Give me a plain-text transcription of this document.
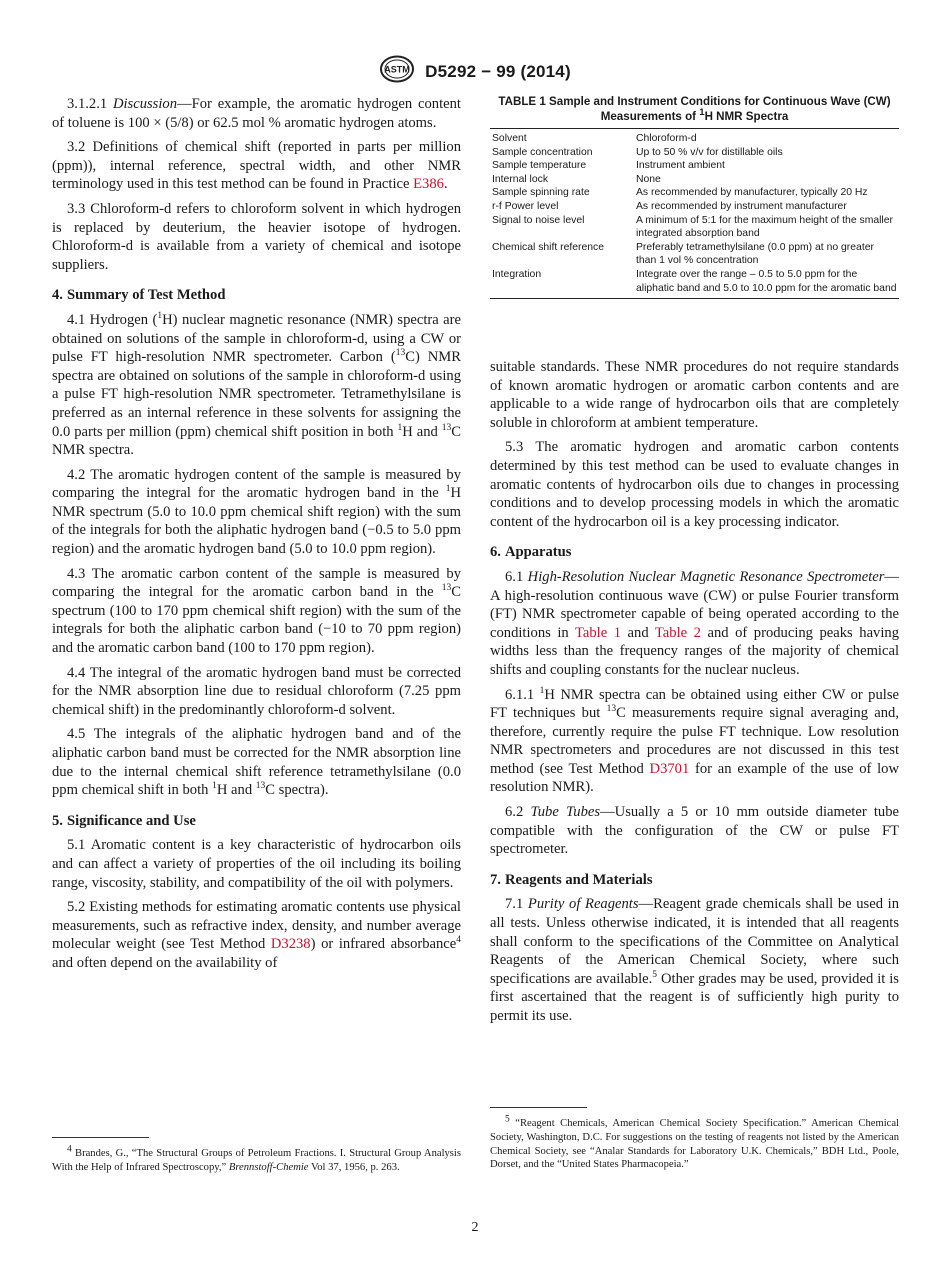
ASTM D5292 − 99 (2014)

3.1.2.1 Discussion—For example, the aromatic hydrogen content of toluene is 100 × (5/8) or 62.5 mol % aromatic hydrogen atoms.

3.2 Definitions of chemical shift (reported in parts per million (ppm)), internal reference, spectral width, and other NMR terminology used in this test method can be found in Practice E386.

3.3 Chloroform-d refers to chloroform solvent in which hydrogen is replaced by deuterium, the heavier isotope of hydrogen. Chloroform-d is available from a variety of chemical and isotope suppliers.

4. Summary of Test Method

4.1 Hydrogen ($^1$H) nuclear magnetic resonance (NMR) spectra are obtained on solutions of the sample in chloroform-d, using a CW or pulse FT high-resolution NMR spectrometer. Carbon ($^{13}$C) NMR spectra are obtained on solutions of the sample in chloroform-d using a pulse FT high-resolution NMR spectrometer. Tetramethylsilane is preferred as an internal reference in these solvents for assigning the 0.0 parts per million (ppm) chemical shift position in both $^1$H and $^{13}$C NMR spectra.

4.2 The aromatic hydrogen content of the sample is measured by comparing the integral for the aromatic hydrogen band in the $^1$H NMR spectrum (5.0 to 10.0 ppm chemical shift region) with the sum of the integrals for both the aliphatic hydrogen band (−0.5 to 5.0 ppm region) and the aromatic hydrogen band (5.0 to 10.0 ppm region).

4.3 The aromatic carbon content of the sample is measured by comparing the integral for the aromatic carbon band in the $^{13}$C spectrum (100 to 170 ppm chemical shift region) with the sum of the integrals for both the aliphatic carbon band (−10 to 70 ppm region) and the aromatic carbon band (100 to 170 ppm region).

4.4 The integral of the aromatic hydrogen band must be corrected for the NMR absorption line due to residual chloroform (7.25 ppm chemical shift) in the predominantly chloroform-d solvent.

4.5 The integrals of the aliphatic hydrogen band and of the aliphatic carbon band must be corrected for the NMR absorption line due to the internal chemical shift reference tetramethylsilane (0.0 ppm chemical shift in both $^1$H and $^{13}$C spectra).

5. Significance and Use

5.1 Aromatic content is a key characteristic of hydrocarbon oils and can affect a variety of properties of the oil including its boiling range, viscosity, stability, and compatibility of the oil with polymers.

5.2 Existing methods for estimating aromatic contents use physical measurements, such as refractive index, density, and number average molecular weight (see Test Method D3238) or infrared absorbance$^4$ and often depend on the availability of

TABLE 1 Sample and Instrument Conditions for Continuous Wave (CW) Measurements of $^1$H NMR Spectra
Solvent	Chloroform-d
Sample concentration	Up to 50 % v/v for distillable oils
Sample temperature	Instrument ambient
Internal lock	None
Sample spinning rate	As recommended by manufacturer, typically 20 Hz
r-f Power level	As recommended by instrument manufacturer
Signal to noise level	A minimum of 5:1 for the maximum height of the smaller integrated absorption band
Chemical shift reference	Preferably tetramethylsilane (0.0 ppm) at no greater than 1 vol % concentration
Integration	Integrate over the range – 0.5 to 5.0 ppm for the aliphatic band and 5.0 to 10.0 ppm for the aromatic band

suitable standards. These NMR procedures do not require standards of known aromatic hydrogen or aromatic carbon contents and are applicable to a wide range of hydrocarbon oils that are completely soluble in chloroform at ambient temperature.

5.3 The aromatic hydrogen and aromatic carbon contents determined by this test method can be used to evaluate changes in aromatic contents of hydrocarbon oils due to changes in processing conditions and to develop processing models in which the aromatic content of the hydrocarbon oil is a key processing indicator.

6. Apparatus

6.1 High-Resolution Nuclear Magnetic Resonance Spectrometer—A high-resolution continuous wave (CW) or pulse Fourier transform (FT) NMR spectrometer capable of being operated according to the conditions in Table 1 and Table 2 and of producing peaks having widths less than the frequency ranges of the majority of chemical shifts and coupling constants for the nuclear nucleus.

6.1.1 $^1$H NMR spectra can be obtained using either CW or pulse FT techniques but $^{13}$C measurements require signal averaging and, therefore, currently require the pulse FT technique. Low resolution NMR spectrometers and procedures are not discussed in this test method (see Test Method D3701 for an example of the use of low resolution NMR).

6.2 Tube Tubes—Usually a 5 or 10 mm outside diameter tube compatible with the configuration of the CW or pulse FT spectrometer.

7. Reagents and Materials

7.1 Purity of Reagents—Reagent grade chemicals shall be used in all tests. Unless otherwise indicated, it is intended that all reagents shall conform to the specifications of the Committee on Analytical Reagents of the American Chemical Society, where such specifications are available.$^5$ Other grades may be used, provided it is first ascertained that the reagent is of sufficiently high purity to permit its use.

$^4$ Brandes, G., “The Structural Groups of Petroleum Fractions. I. Structural Group Analysis With the Help of Infrared Spectroscopy,” Brennstoff-Chemie Vol 37, 1956, p. 263.

$^5$ “Reagent Chemicals, American Chemical Society Specification.” American Chemical Society, Washington, D.C. For suggestions on the testing of reagents not listed by the American Chemical Society, see “Analar Standards for Laboratory U.K. Chemicals,” BDH Ltd., Poole, Dorset, and the “United States Pharmacopeia.”

2
